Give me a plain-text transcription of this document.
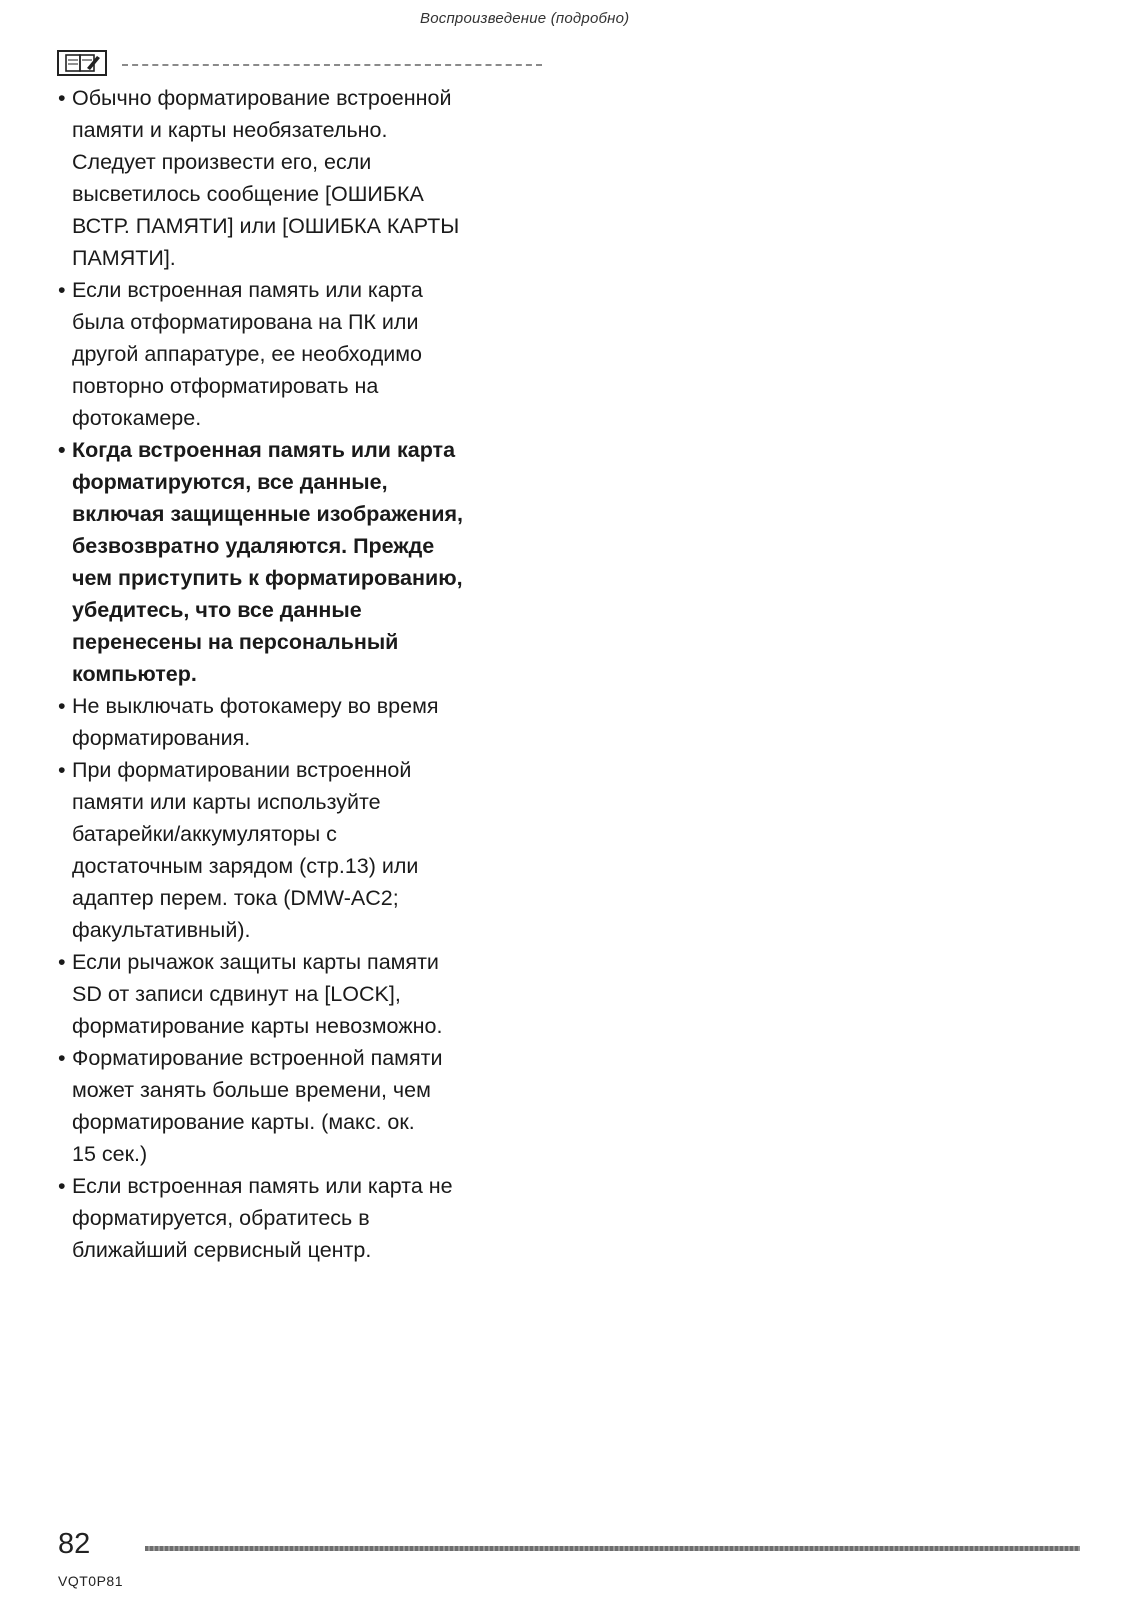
Воспроизведение (подробно)
• Обычно форматирование встроенной
памяти и карты необязательно.
Следует произвести его, если
высветилось сообщение [ОШИБКА
ВСТР. ПАМЯТИ] или [ОШИБКА КАРТЫ
ПАМЯТИ].
• Если встроенная память или карта
была отформатирована на ПК или
другой аппаратуре, ее необходимо
повторно отформатировать на
фотокамере.
• Когда встроенная память или карта
форматируются, все данные,
включая защищенные изображения,
безвозвратно удаляются. Прежде
чем приступить к форматированию,
убедитесь, что все данные
перенесены на персональный
компьютер.
• Не выключать фотокамеру во время
форматирования.
• При форматировании встроенной
памяти или карты используйте
батарейки/аккумуляторы с
достаточным зарядом (стр.13) или
адаптер перем. тока (DMW-AC2;
факультативный).
• Если рычажок защиты карты памяти
SD от записи сдвинут на [LOCK],
форматирование карты невозможно.
• Форматирование встроенной памяти
может занять больше времени, чем
форматирование карты. (макс. ок.
15 сек.)
• Если встроенная память или карта не
форматируется, обратитесь в
ближайший сервисный центр.
82
VQT0P81
